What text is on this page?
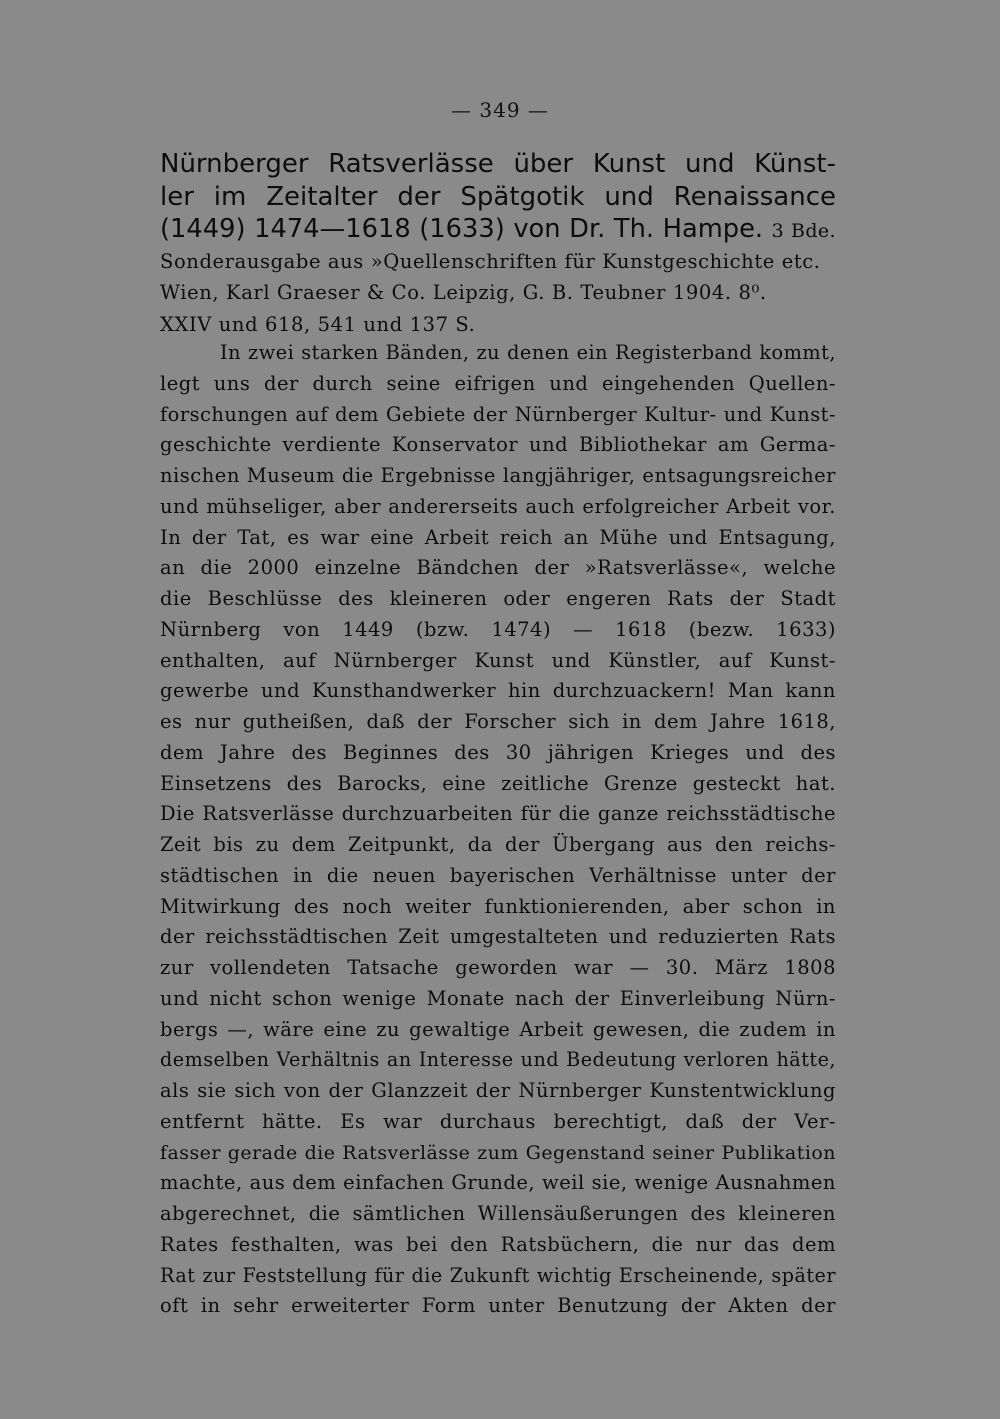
— 349 —
Nürnberger Ratsverlässe über Kunst und Künst-
ler im Zeitalter der Spätgotik und Renaissance
(1449) 1474—1618 (1633) von Dr. Th. Hampe. 3 Bde.
Sonderausgabe aus »Quellenschriften für Kunstgeschichte etc.
Wien, Karl Graeser & Co. Leipzig, G. B. Teubner 1904. 8⁰.
XXIV und 618, 541 und 137 S.
In zwei starken Bänden, zu denen ein Registerband kommt,
legt uns der durch seine eifrigen und eingehenden Quellen-
forschungen auf dem Gebiete der Nürnberger Kultur- und Kunst-
geschichte verdiente Konservator und Bibliothekar am Germa-
nischen Museum die Ergebnisse langjähriger, entsagungsreicher
und mühseliger, aber andererseits auch erfolgreicher Arbeit vor.
In der Tat, es war eine Arbeit reich an Mühe und Entsagung,
an die 2000 einzelne Bändchen der »Ratsverlässe«, welche
die Beschlüsse des kleineren oder engeren Rats der Stadt
Nürnberg von 1449 (bzw. 1474) — 1618 (bezw. 1633)
enthalten, auf Nürnberger Kunst und Künstler, auf Kunst-
gewerbe und Kunsthandwerker hin durchzuackern! Man kann
es nur gutheißen, daß der Forscher sich in dem Jahre 1618,
dem Jahre des Beginnes des 30 jährigen Krieges und des
Einsetzens des Barocks, eine zeitliche Grenze gesteckt hat.
Die Ratsverlässe durchzuarbeiten für die ganze reichsstädtische
Zeit bis zu dem Zeitpunkt, da der Übergang aus den reichs-
städtischen in die neuen bayerischen Verhältnisse unter der
Mitwirkung des noch weiter funktionierenden, aber schon in
der reichsstädtischen Zeit umgestalteten und reduzierten Rats
zur vollendeten Tatsache geworden war — 30. März 1808
und nicht schon wenige Monate nach der Einverleibung Nürn-
bergs —, wäre eine zu gewaltige Arbeit gewesen, die zudem in
demselben Verhältnis an Interesse und Bedeutung verloren hätte,
als sie sich von der Glanzzeit der Nürnberger Kunstentwicklung
entfernt hätte. Es war durchaus berechtigt, daß der Ver-
fasser gerade die Ratsverlässe zum Gegenstand seiner Publikation
machte, aus dem einfachen Grunde, weil sie, wenige Ausnahmen
abgerechnet, die sämtlichen Willensäußerungen des kleineren
Rates festhalten, was bei den Ratsbüchern, die nur das dem
Rat zur Feststellung für die Zukunft wichtig Erscheinende, später
oft in sehr erweiterter Form unter Benutzung der Akten der
